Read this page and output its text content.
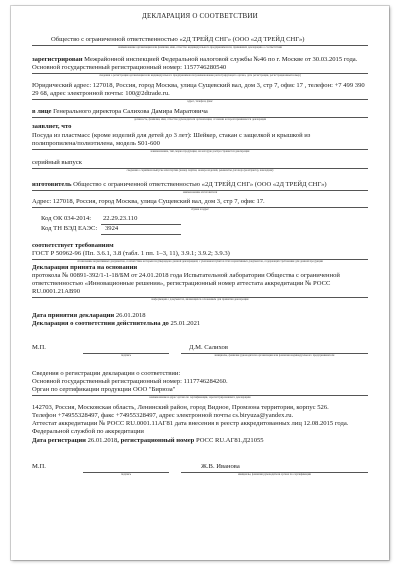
ДЕКЛАРАЦИЯ О СООТВЕТСТВИИ
Общество с ограниченной ответственностью «2Д ТРЕЙД СНГ» (ООО «2Д ТРЕЙД СНГ»)
наименование организации или фамилия, имя, отчество индивидуального предпринимателя, принявших декларацию о соответствии
зарегистрирован Межрайонной инспекцией Федеральной налоговой службы №46 по г. Москве от 30.03.2015 года.
Основной государственный регистрационный номер: 1157746280540
сведения о регистрации организации или индивидуального предпринимателя (наименование регистрирующего органа, дата регистрации, регистрационный номер)
Юридический адрес: 127018, Россия, город Москва, улица Сущевский вал, дом 3, стр 7, офис 17 , телефон: +7 499 390
29 68, адрес электронной почты: 100@2dtrade.ru.
адрес, телефон, факс
в лице Генерального директора Салихова Дамира Маратовича
должность, фамилия, имя, отчество руководителя организации, от имени которой принимается декларация
заявляет, что
Посуда из пластмасс (кроме изделий для детей до 3 лет): Шейкер, стакан с защелкой и крышкой из
полипропилена/полиэтилена, модель S01-600
наименование, тип, марка продукции, на которую распространяется декларация
серийный выпуск
сведения о серийном выпуске или партии (номер партии, номера изделий, реквизиты договора (контракта), накладная)
изготовитель Общество с ограниченной ответственностью «2Д ТРЕЙД СНГ» (ООО «2Д ТРЕЙД СНГ»)
наименование изготовителя
Адрес: 127018, Россия, город Москва, улица Сущевский вал, дом 3, стр 7, офис 17.
страна и адрес
Код ОК 034-2014: 22.29.23.110
Код ТН ВЭД ЕАЭС: 3924
соответствует требованиям
ГОСТ Р 50962-96 (Пп. 3.6.1, 3.8 (табл. 1 пп. 1–3, 11), 3.9.1; 3.9.2; 3.9.3)
обозначение нормативных документов, соответствие которым подтверждено данной декларацией, с указанием пунктов этих нормативных документов, содержащих требования для данной продукции
Декларация принята на основании
протокола № 00891-392/1-1-18/БМ от 24.01.2018 года Испытательной лаборатории Общества с ограниченной
ответственностью «Инновационные решения», регистрационный номер аттестата аккредитации № РОСС
RU.0001.21АВ90
информация о документах, являющихся основанием для принятия декларации
Дата принятия декларации 26.01.2018
Декларация о соответствии действительна до 25.01.2021
М.П.	Д.М. Салихов
подпись	инициалы, фамилия руководителя организации или фамилия индивидуального предпринимателя
Сведения о регистрации декларации о соответствии:
Основной государственный регистрационный номер: 1117746284260.
Орган по сертификации продукции ООО "Бирюза"
наименование и адрес органа по сертификации, зарегистрировавшего декларацию
142703, Россия, Московская область, Ленинский район, город Видное, Промзона территория, корпус 526.
Телефон +74955328497, факс +74955328497, адрес электронной почты cs.biryuza@yandex.ru.
Аттестат аккредитации № РОСС RU.0001.11АГ81 дата внесения в реестр аккредитованных лиц 12.08.2015 года.
Федеральной службой по аккредитации
Дата регистрации 26.01.2018, регистрационный номер РОСС RU.АГ81.Д21055
М.П.	Ж.В. Иванова
подпись	инициалы, фамилия руководителя органа по сертификации
